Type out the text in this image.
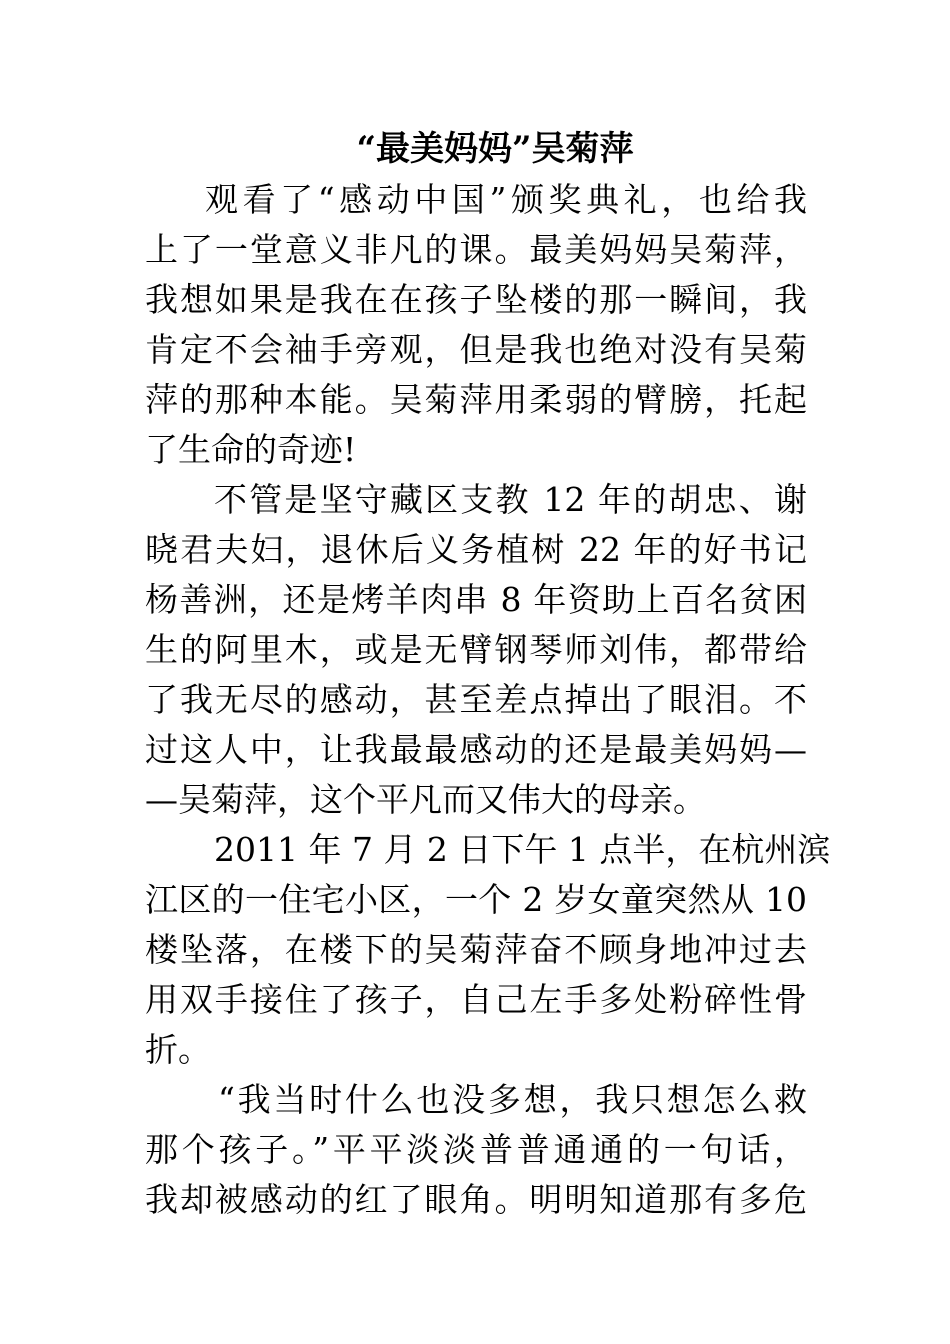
“最美妈妈”吴菊萍

观看了“感动中国”颁奖典礼，也给我

上了一堂意义非凡的课。最美妈妈吴菊萍，

我想如果是我在在孩子坠楼的那一瞬间，我

肯定不会袖手旁观，但是我也绝对没有吴菊

萍的那种本能。吴菊萍用柔弱的臂膀，托起

了生命的奇迹!

不管是坚守藏区支教 12 年的胡忠、谢

晓君夫妇，退休后义务植树 22 年的好书记

杨善洲，还是烤羊肉串 8 年资助上百名贫困

生的阿里木，或是无臂钢琴师刘伟，都带给

了我无尽的感动，甚至差点掉出了眼泪。不

过这人中，让我最最感动的还是最美妈妈—

—吴菊萍，这个平凡而又伟大的母亲。

2011 年 7 月 2 日下午 1 点半，在杭州滨

江区的一住宅小区，一个 2 岁女童突然从 10

楼坠落，在楼下的吴菊萍奋不顾身地冲过去

用双手接住了孩子，自己左手多处粉碎性骨

折。

“我当时什么也没多想，我只想怎么救

那个孩子。”平平淡淡普普通通的一句话，

我却被感动的红了眼角。明明知道那有多危
